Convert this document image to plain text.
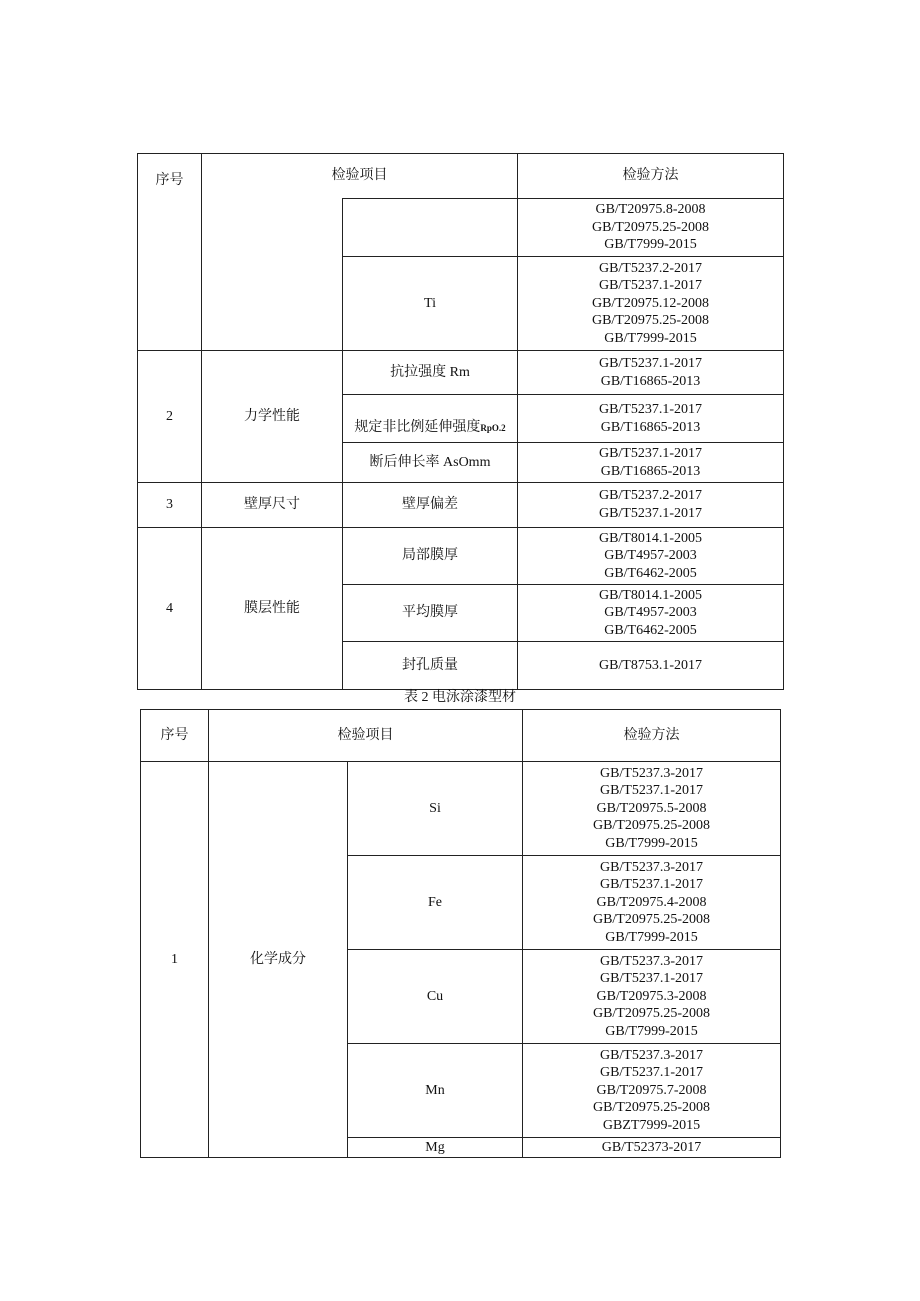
序号	检验项目		检验方法

			GB/T20975.8-2008
GB/T20975.25-2008
GB/T7999-2015

		Ti	GB/T5237.2-2017
GB/T5237.1-2017
GB/T20975.12-2008
GB/T20975.25-2008
GB/T7999-2015

2	力学性能	抗拉强度 Rm	GB/T5237.1-2017
GB/T16865-2013

		规定非比例延伸强度RpO.2	GB/T5237.1-2017
GB/T16865-2013

		断后伸长率 AsOmm	GB/T5237.1-2017
GB/T16865-2013

3	壁厚尺寸	壁厚偏差	GB/T5237.2-2017
GB/T5237.1-2017

4	膜层性能	局部膜厚	GB/T8014.1-2005
GB/T4957-2003
GB/T6462-2005

		平均膜厚	GB/T8014.1-2005
GB/T4957-2003
GB/T6462-2005

		封孔质量	GB/T8753.1-2017
表 2 电泳涂漆型材
序号	检验项目		检验方法
1	化学成分	Si	GB/T5237.3-2017
GB/T5237.1-2017
GB/T20975.5-2008
GB/T20975.25-2008
GB/T7999-2015

		Fe	GB/T5237.3-2017
GB/T5237.1-2017
GB/T20975.4-2008
GB/T20975.25-2008
GB/T7999-2015

		Cu	GB/T5237.3-2017
GB/T5237.1-2017
GB/T20975.3-2008
GB/T20975.25-2008
GB/T7999-2015

		Mn	GB/T5237.3-2017
GB/T5237.1-2017
GB/T20975.7-2008
GB/T20975.25-2008
GBZT7999-2015

		Mg	GB/T52373-2017
